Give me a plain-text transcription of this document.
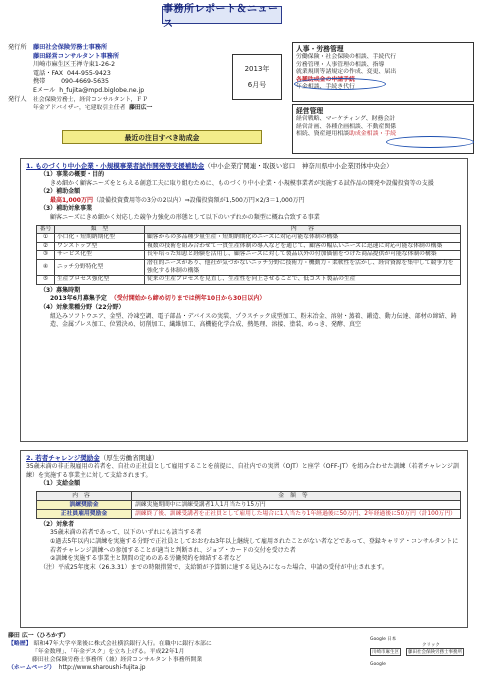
事務所レポート＆ニュース
発行所	藤田社会保険労務士事務所
藤田経営コンサルタント事務所
川崎市麻生区王禅寺東1-26-2
電話・FAX 044-955-9423
携帯	090-4669-5635
Eメール h_fujita@mpd.biglobe.ne.jp
発行人	社会保険労務士，経営コンサルタント，ＦＰ
年金アドバイザー，宅建取引主任者 藤田広一
2013年
6月号
人事・労務管理
労働保険・社会保険の相談、手続代行
労務管理・人事管理の相談、指導
就業規則等諸規定の作成、変更、届出
各種助成金の申請手続
年金相談、手続き代行
経営管理
経営戦略、マーケティング、財務会計
経営計画、各種企画相談、不動産関係
相続、資産運用相談助成金相談・手続
最近の注目すべき助成金
1. ものづくり中小企業・小規模事業者試作開発等支援補助金（中小企業庁関連・取扱い窓口　神奈川県中小企業団体中央会）
（1）事業の概要・目的
きめ細かく顧客ニーズをとらえる創意工夫に取り組むために、ものづくり中小企業・小規模事業者が実施する試作品の開発や設備投資等の支援
（2）補助金額
最高1,000万円（設備投資費用等の3分の2以内）⇒設備投資額が1,500万円×2/3＝1,000万円
（3）補助対象事業
顧客ニーズにきめ細かく対応した競争力強化の形態として以下のいずれかの類型に概ね合致する事業
番号	類　型	内　　容
①	小口化・短期納期化型	顧客からの多品種少量生産・短期納期化のニーズに対応可能な体制の構築
②	ワンストップ型	複数の技術を組み合わせて一貫生産体制の導入などを通じて、顧客の幅広いニーズに迅速に対応可能な体制の構築
③	サービス化型	長年培った知恵と経験を活用し、顧客ニーズに対して製品以外の付加価値をつけた商品提供が可能な体制の構築
④	ニッチ分野特化型	潜在的ニーズがあり、他社が気づかないニッチ分野に技術力・機動力・柔軟性を活かし、経営資源を集中して競争力を強化する体制の構築
⑤	生産プロセス強化型	従来の生産プロセスを見直し、生産性を向上させることで、低コスト製品の生産
（3）募集時期
2013年6月募集予定 （受付開始から締め切りまでは例年10日から30日以内）
（4）対象業種分野（22分野）
組込みソフトウエア、金型、冷凍空調、電子部品・デバイスの実装、プラスチック成型加工、粉末冶金、溶射・蒸着、鍛造、動力伝達、部材の締結、鋳造、金属プレス加工、位置決め、切削加工、繊維加工、高機能化学合成、熱処理、溶接、塗装、めっき、発酵、真空
2. 若者チャレンジ奨励金（厚生労働省関連）
35歳未満の非正規雇用の若者を、自社の正社員として雇用することを前提に、自社内での実習（OJT）と座学（OFF-JT）を組み合わせた訓練（若者チャレンジ訓練）を実施する事業主に対して支給されます。
（1）支給金額
内容	金額等
訓練奨励金	訓練実施期間中に訓練受講者1人1月当たり15万円
正社員雇用奨励金	訓練終了後、訓練受講者を正社員として雇用した場合に1人当たり1年経過後に50万円、2年経過後に50万円（計100万円）
（2）対象者
35歳未満の若者であって、以下のいずれにも該当する者
①過去5年以内に訓練を実施する分野で正社員としておおむね3年以上継続して雇用されたことがない者などであって、登録キャリア・コンサルタントに若者チャレンジ訓練への参加することが適当と判断され、ジョブ・カードの交付を受けた者
②訓練を実施する事業主と期間の定めのある労働契約を締結する者など
（注）平成25年度末（26.3.31）までの時限措置で、支給額が予算額に達する見込みになった場合、申請の受付が中止されます。
藤田 広一（ひろかず）
【略歴】 昭和47年大学卒業後に株式会社横浜銀行入行。在職中に銀行本部に
「年金数理」、「年金デスク」を立ち上げる。平成22年1月
藤田社会保険労務士事務所（兼）経営コンサルタント事務所開業
（ホームページ） http://www.sharoushi-fujita.jp
Google 日本
クリック
川崎市麻生区	藤田社会保険労務士事務所
Google
